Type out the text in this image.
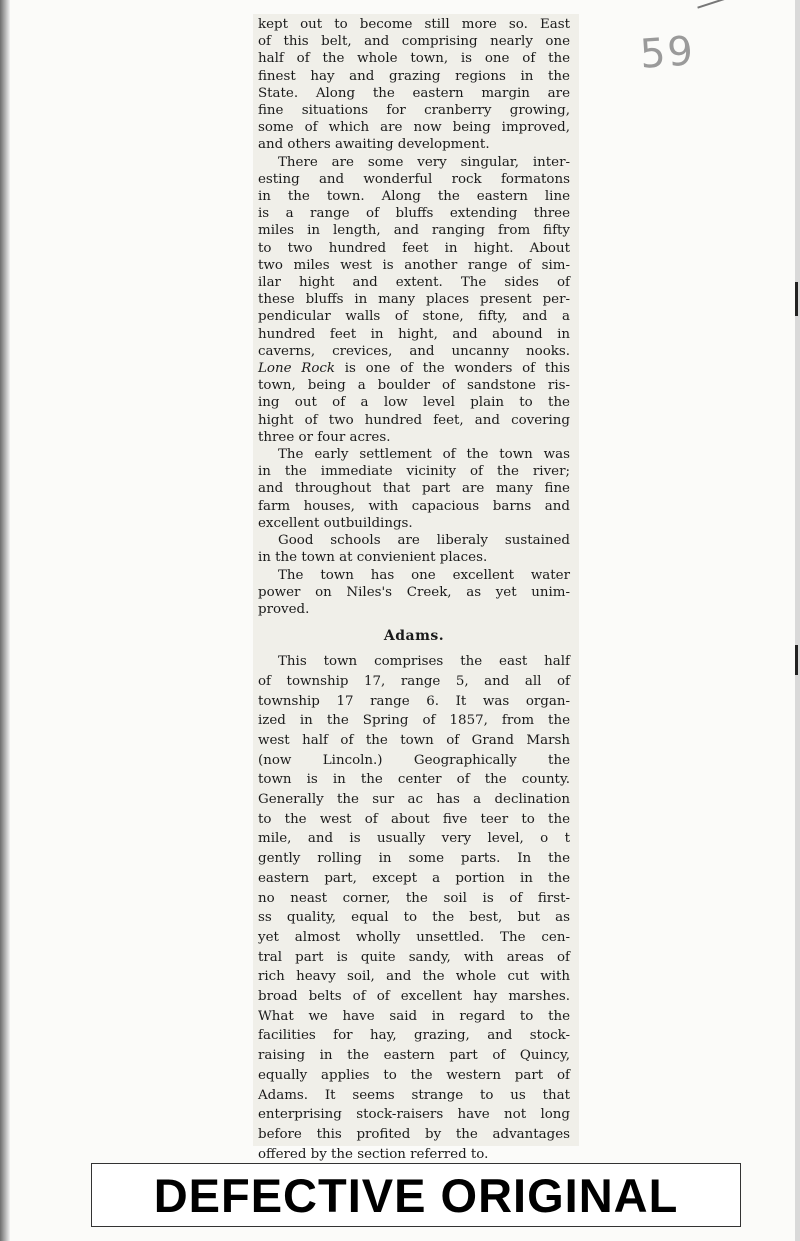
59
kept out to become still more so. East
of this belt, and comprising nearly one
half of the whole town, is one of the
finest hay and grazing regions in the
State. Along the eastern margin are
fine situations for cranberry growing,
some of which are now being improved,
and others awaiting development.
There are some very singular, inter-
esting and wonderful rock formatons
in the town. Along the eastern line
is a range of bluffs extending three
miles in length, and ranging from fifty
to two hundred feet in hight. About
two miles west is another range of sim-
ilar hight and extent. The sides of
these bluffs in many places present per-
pendicular walls of stone, fifty, and a
hundred feet in hight, and abound in
caverns, crevices, and uncanny nooks.
Lone Rock is one of the wonders of this
town, being a boulder of sandstone ris-
ing out of a low level plain to the
hight of two hundred feet, and covering
three or four acres.
The early settlement of the town was
in the immediate vicinity of the river;
and throughout that part are many fine
farm houses, with capacious barns and
excellent outbuildings.
Good schools are liberaly sustained
in the town at convienient places.
The town has one excellent water
power on Niles's Creek, as yet unim-
proved.
Adams.
This town comprises the east half
of township 17, range 5, and all of
township 17 range 6. It was organ-
ized in the Spring of 1857, from the
west half of the town of Grand Marsh
(now Lincoln.) Geographically the
town is in the center of the county.
Generally the sur ac has a declination
to the west of about five teer to the
mile, and is usually very level, o t
gently rolling in some parts. In the
eastern part, except a portion in the
no neast corner, the soil is of first-
ss quality, equal to the best, but as
yet almost wholly unsettled. The cen-
tral part is quite sandy, with areas of
rich heavy soil, and the whole cut with
broad belts of of excellent hay marshes.
What we have said in regard to the
facilities for hay, grazing, and stock-
raising in the eastern part of Quincy,
equally applies to the western part of
Adams. It seems strange to us that
enterprising stock-raisers have not long
before this profited by the advantages
offered by the section referred to.
DEFECTIVE ORIGINAL
